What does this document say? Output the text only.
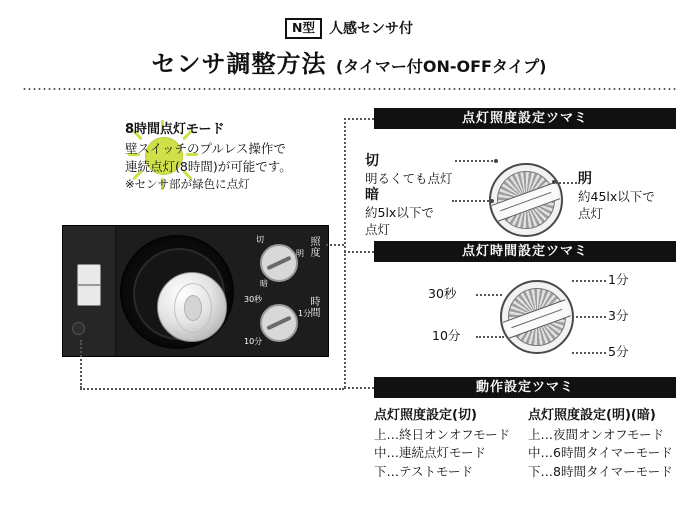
N型	人感センサ付
センサ調整方法 (タイマー付ON-OFFタイプ)
8時間点灯モード
壁スイッチのプルレス操作で
連続点灯(8時間)が可能です。
※センサ部が緑色に点灯
照度
時間
切
明
暗
30秒
1分
10分
点灯照度設定ツマミ
切
明るくても点灯
暗
約5lx以下で
点灯
明
約45lx以下で
点灯
点灯時間設定ツマミ
30秒
10分
1分
3分
5分
動作設定ツマミ
点灯照度設定(切)
上…終日オンオフモード
中…連続点灯モード
下…テストモード
点灯照度設定(明)(暗)
上…夜間オンオフモード
中…6時間タイマーモード
下…8時間タイマーモード
